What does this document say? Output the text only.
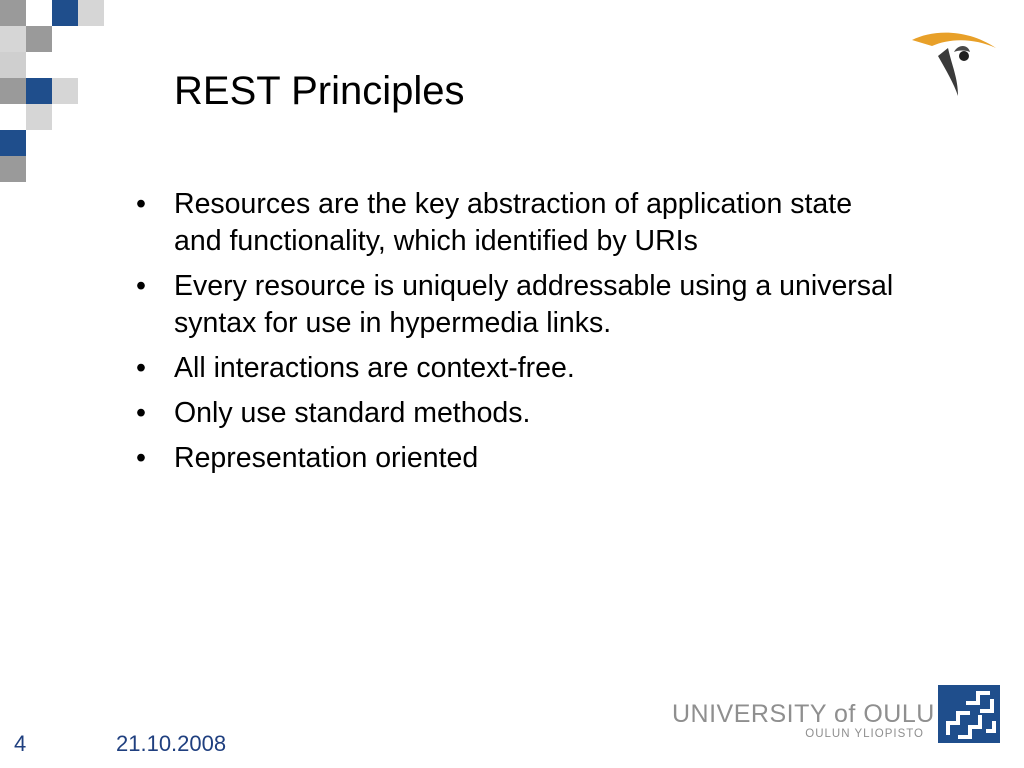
REST Principles
• Resources are the key abstraction of application state and functionality, which identified by URIs
• Every resource is uniquely addressable using a universal syntax for use in hypermedia links.
• All interactions are context-free.
• Only use standard methods.
• Representation oriented
4	21.10.2008
UNIVERSITY of OULU
OULUN YLIOPISTO
